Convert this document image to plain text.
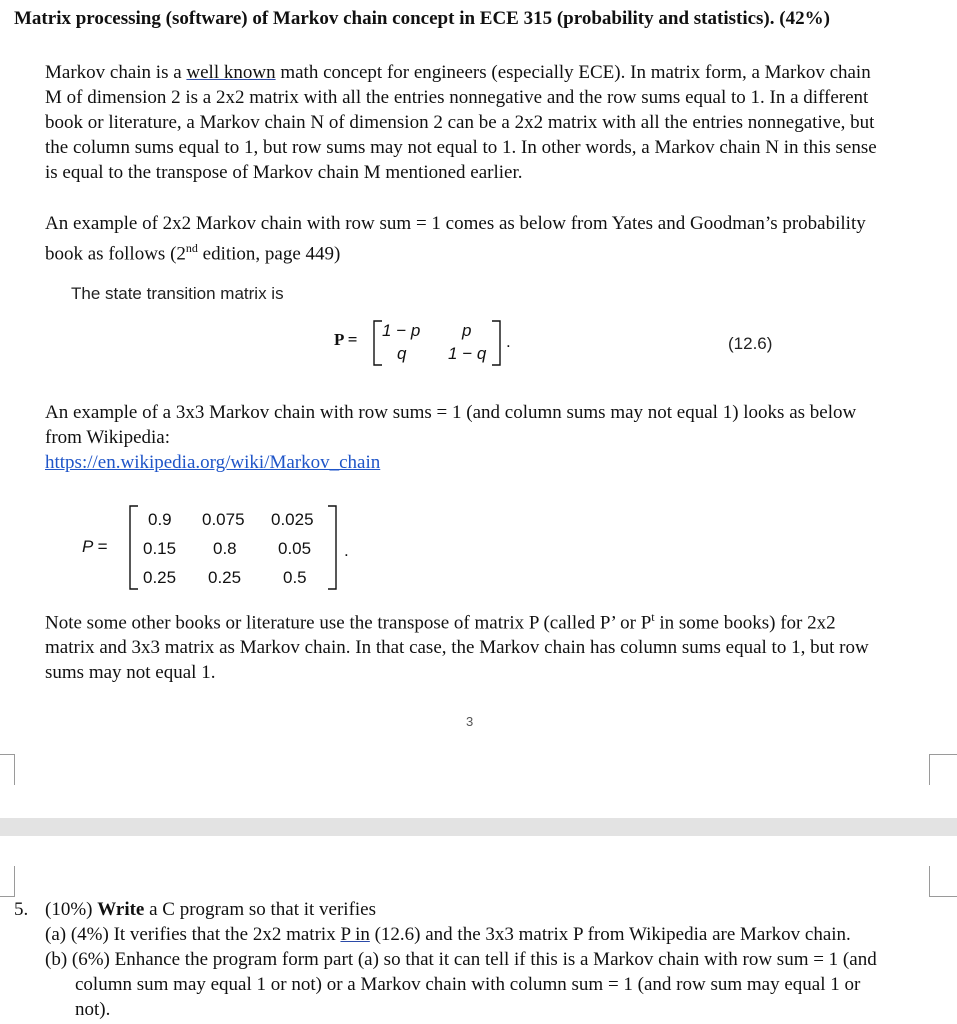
Matrix processing (software) of Markov chain concept in ECE 315 (probability and statistics). (42%)
Markov chain is a well known math concept for engineers (especially ECE). In matrix form, a Markov chain
M of dimension 2 is a 2x2 matrix with all the entries nonnegative and the row sums equal to 1. In a different
book or literature, a Markov chain N of dimension 2 can be a 2x2 matrix with all the entries nonnegative, but
the column sums equal to 1, but row sums may not equal to 1. In other words, a Markov chain N in this sense
is equal to the transpose of Markov chain M mentioned earlier.
An example of 2x2 Markov chain with row sum = 1 comes as below from Yates and Goodman’s probability
book as follows (2nd edition, page 449)
The state transition matrix is
P = 1 − p p
q 1 − q
.	(12.6)
An example of a 3x3 Markov chain with row sums = 1 (and column sums may not equal 1) looks as below
from Wikipedia:
https://en.wikipedia.org/wiki/Markov_chain
P =
0.9 0.075 0.025
0.15 0.8 0.05
0.25 0.25 0.5
.
Note some other books or literature use the transpose of matrix P (called P’ or $P^t$ in some books) for 2x2
matrix and 3x3 matrix as Markov chain. In that case, the Markov chain has column sums equal to 1, but row
sums may not equal 1.
3
5. (10%) Write a C program so that it verifies
(a) (4%) It verifies that the 2x2 matrix P in (12.6) and the 3x3 matrix P from Wikipedia are Markov chain.
(b) (6%) Enhance the program form part (a) so that it can tell if this is a Markov chain with row sum = 1 (and
column sum may equal 1 or not) or a Markov chain with column sum = 1 (and row sum may equal 1 or
not).
